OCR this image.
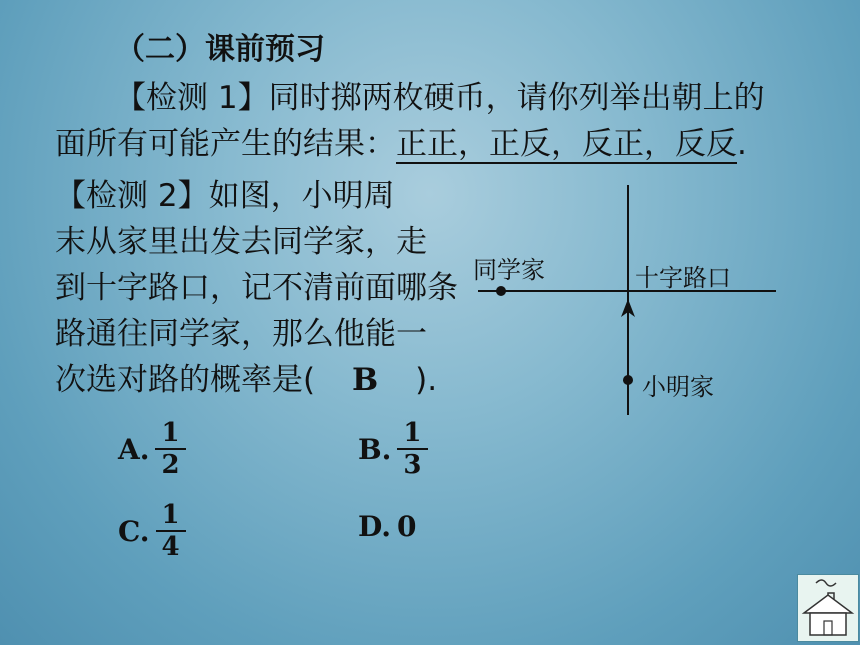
（二）课前预习
【检测 1】同时掷两枚硬币，请你列举出朝上的
面所有可能产生的结果：正正，正反，反正，反反.
【检测 2】如图，小明周
末从家里出发去同学家，走
到十字路口，记不清前面哪条
路通往同学家，那么他能一
次选对路的概率是( B ).
A. $\frac{1}{2}$	B. $\frac{1}{3}$
C. $\frac{1}{4}$	D. 0
同学家	十字路口
小明家
